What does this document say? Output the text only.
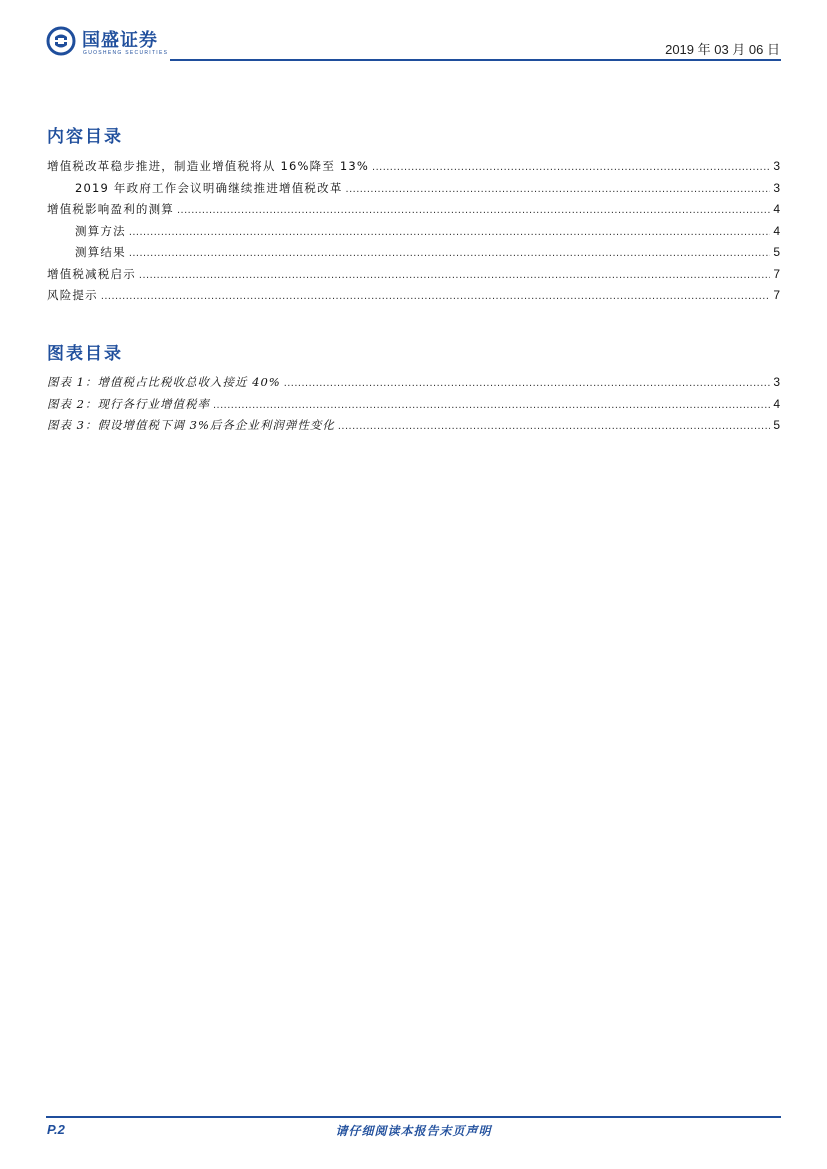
国盛证券
GUOSHENG SECURITIES	2019 年 03 月 06 日
内容目录
增值税改革稳步推进，制造业增值税将从 16%降至 13% .....	3
2019 年政府工作会议明确继续推进增值税改革 .....	3
增值税影响盈利的测算 .....	4
测算方法 .....	4
测算结果 .....	5
增值税减税启示 .....	7
风险提示 .....	7
图表目录
图表 1：增值税占比税收总收入接近 40% .....	3
图表 2：现行各行业增值税率 .....	4
图表 3：假设增值税下调 3%后各企业利润弹性变化 .....	5
P.2	请仔细阅读本报告末页声明
